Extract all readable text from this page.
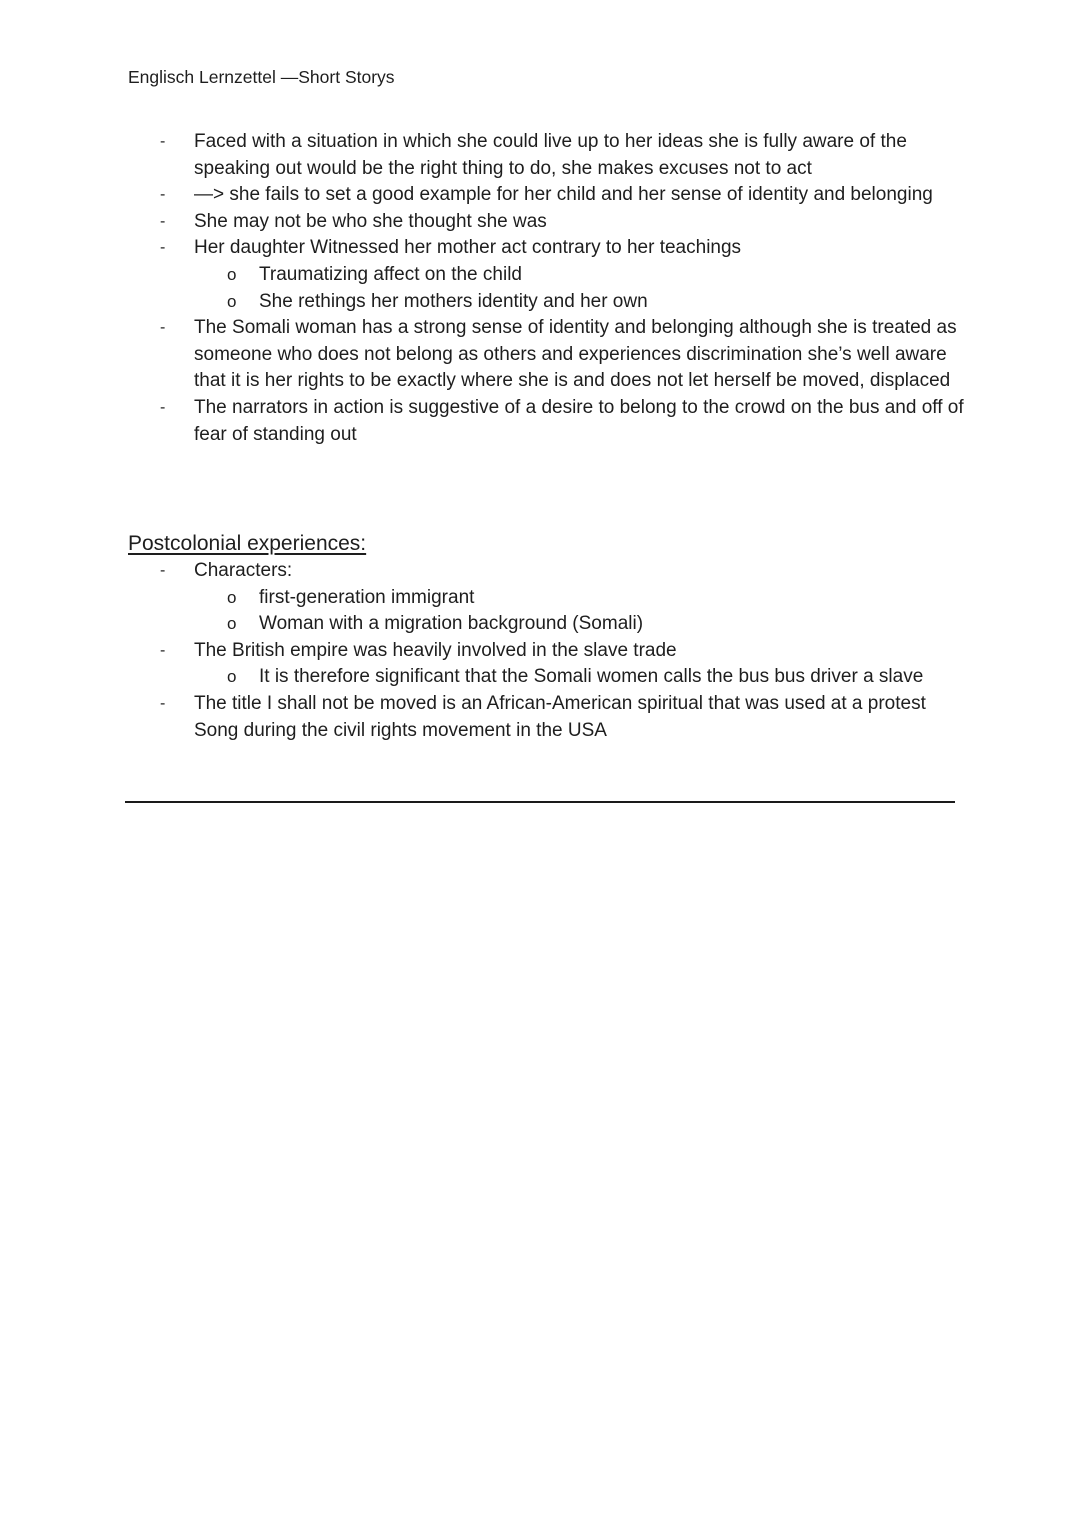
Englisch Lernzettel —Short Storys
- Faced with a situation in which she could live up to her ideas she is fully aware of the speaking out would be the right thing to do, she makes excuses not to act
- —> she fails to set a good example for her child and her sense of identity and belonging
- She may not be who she thought she was
- Her daughter Witnessed her mother act contrary to her teachings
o Traumatizing affect on the child
o She rethings her mothers identity and her own
- The Somali woman has a strong sense of identity and belonging although she is treated as someone who does not belong as others and experiences discrimination she’s well aware that it is her rights to be exactly where she is and does not let herself be moved, displaced
- The narrators in action is suggestive of a desire to belong to the crowd on the bus and off of fear of standing out
Postcolonial experiences:
- Characters:
o first-generation immigrant
o Woman with a migration background (Somali)
- The British empire was heavily involved in the slave trade
o It is therefore significant that the Somali women calls the bus bus driver a slave
- The title I shall not be moved is an African-American spiritual that was used at a protest Song during the civil rights movement in the USA
